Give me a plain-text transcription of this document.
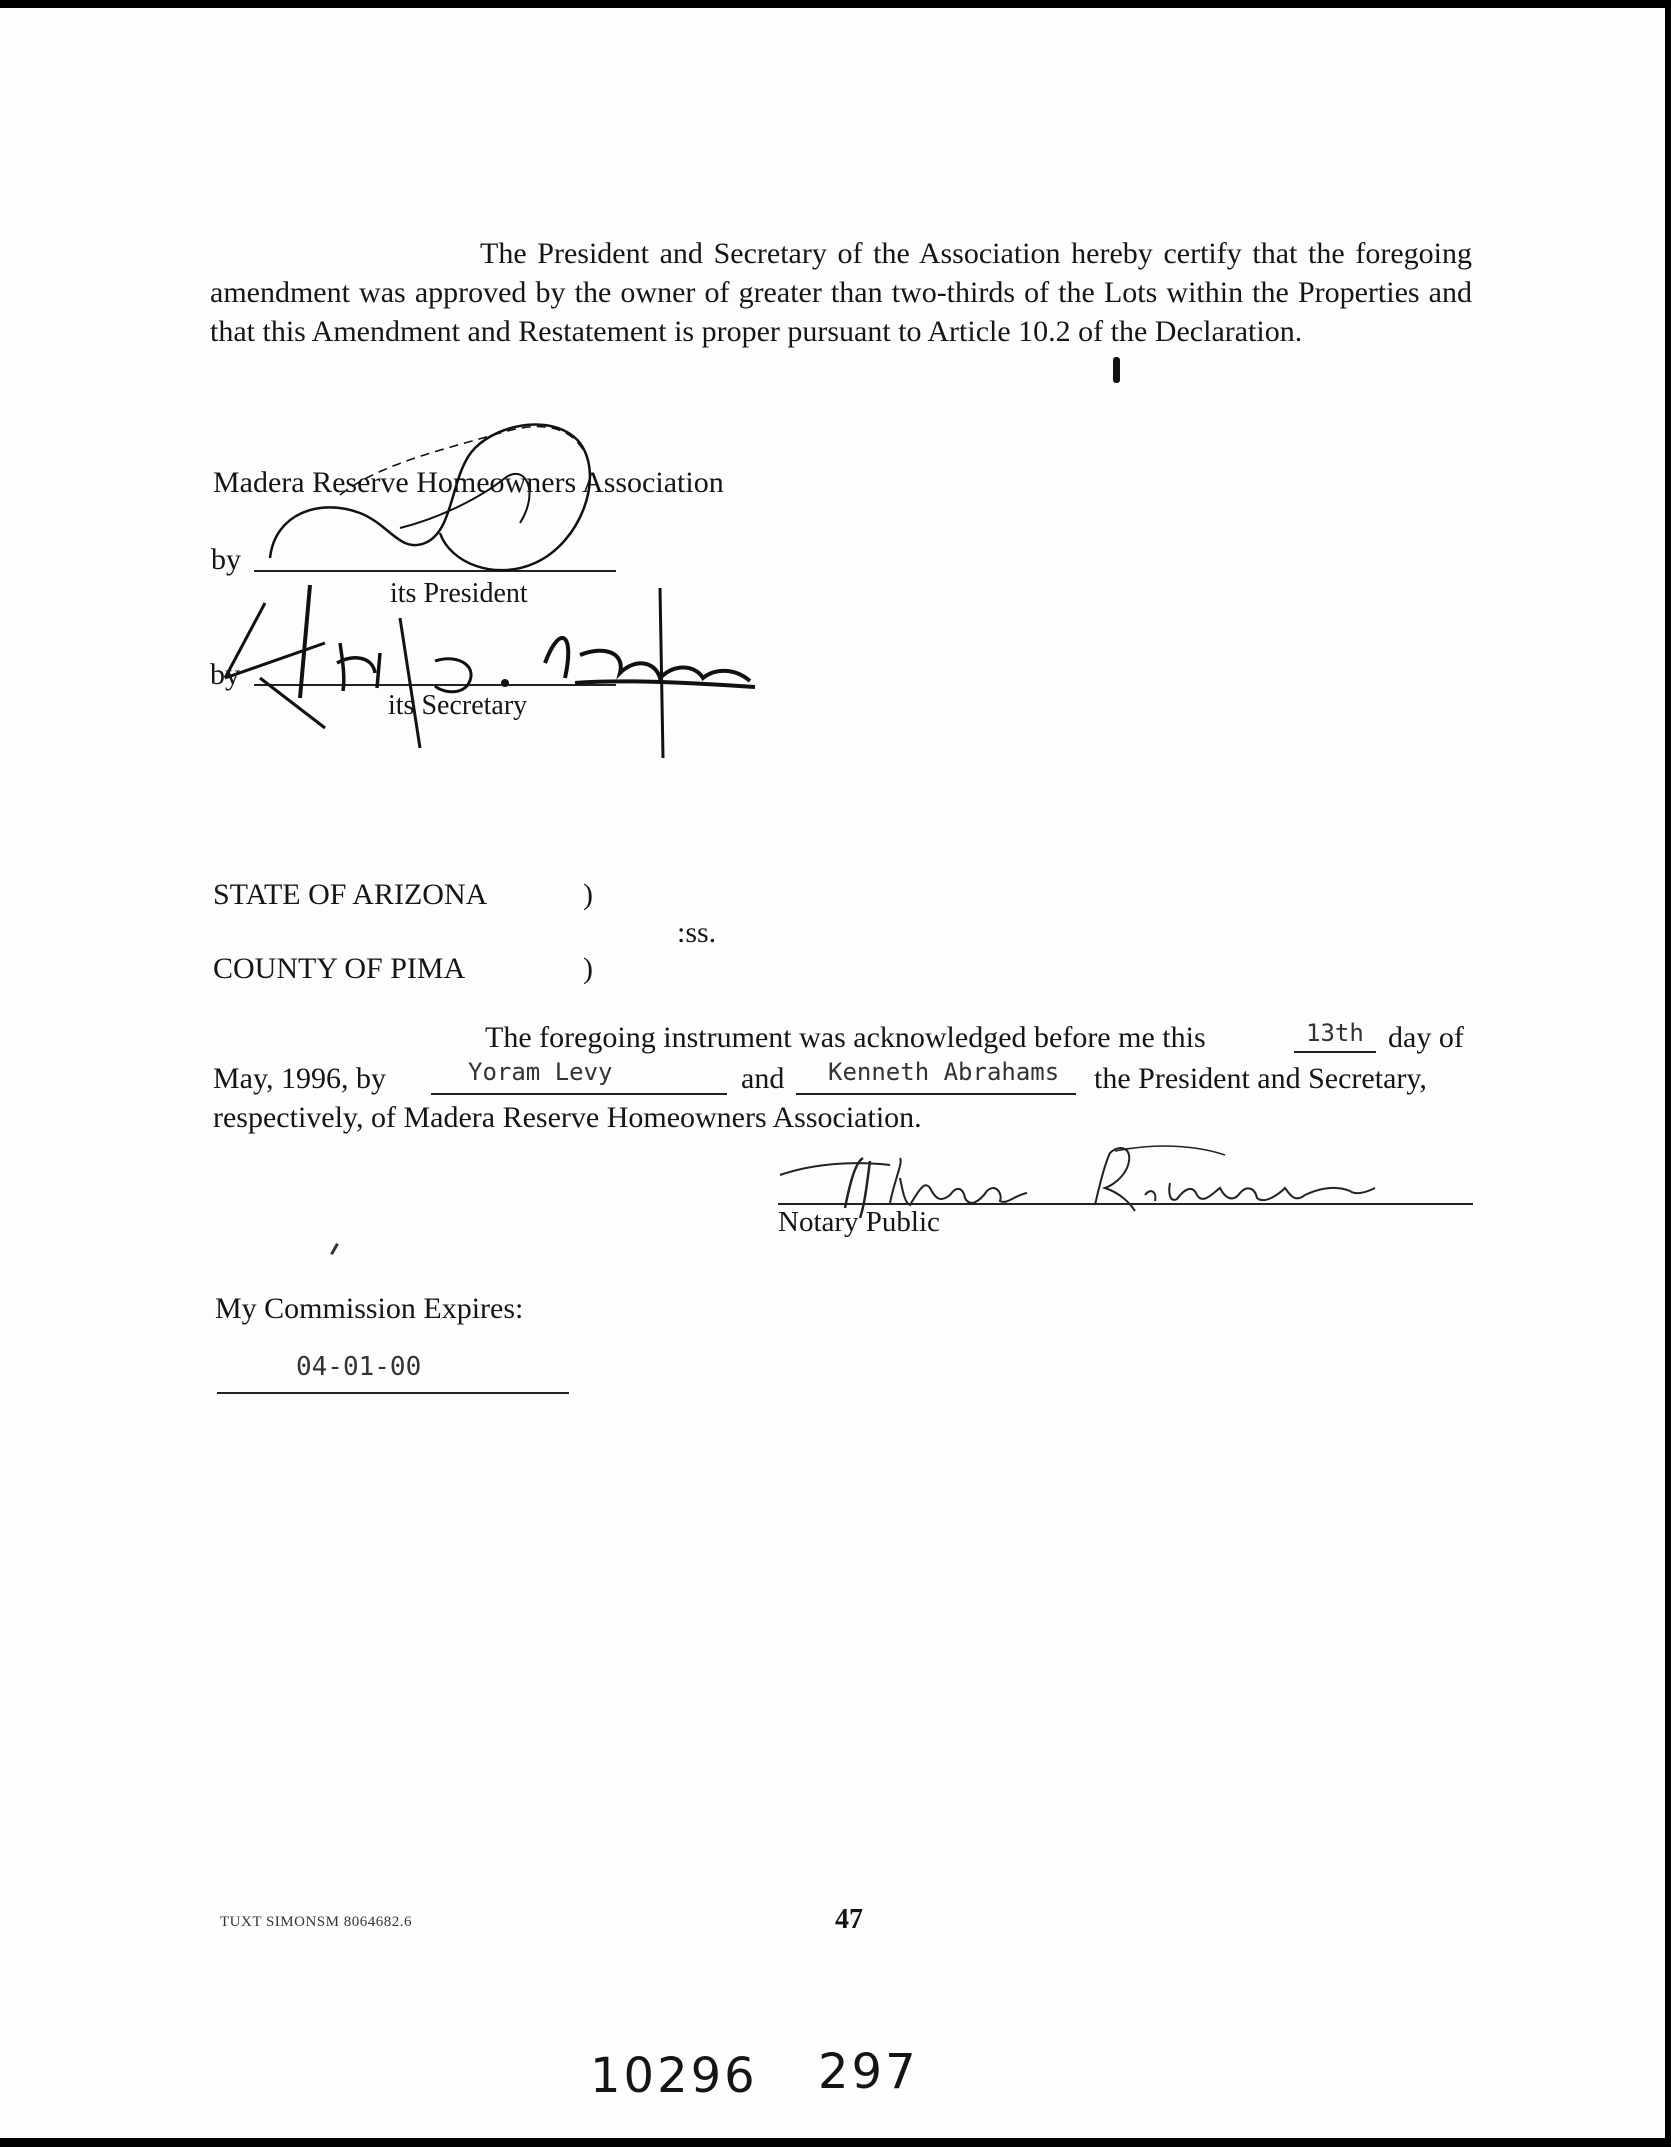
The President and Secretary of the Association hereby certify that the foregoing amendment was approved by the owner of greater than two-thirds of the Lots within the Properties and that this Amendment and Restatement is proper pursuant to Article 10.2 of the Declaration.
Madera Reserve Homeowners Association
by
its President
by
its Secretary
STATE OF ARIZONA	)
:ss.
COUNTY OF PIMA	)
The foregoing instrument was acknowledged before me this	13th day of
May, 1996, by	Yoram Levy	and Kenneth Abrahams the President and Secretary,
respectively, of Madera Reserve Homeowners Association.
Notary Public
My Commission Expires:
04-01-00
TUXT SIMONSM 8064682.6	47
10296 297
